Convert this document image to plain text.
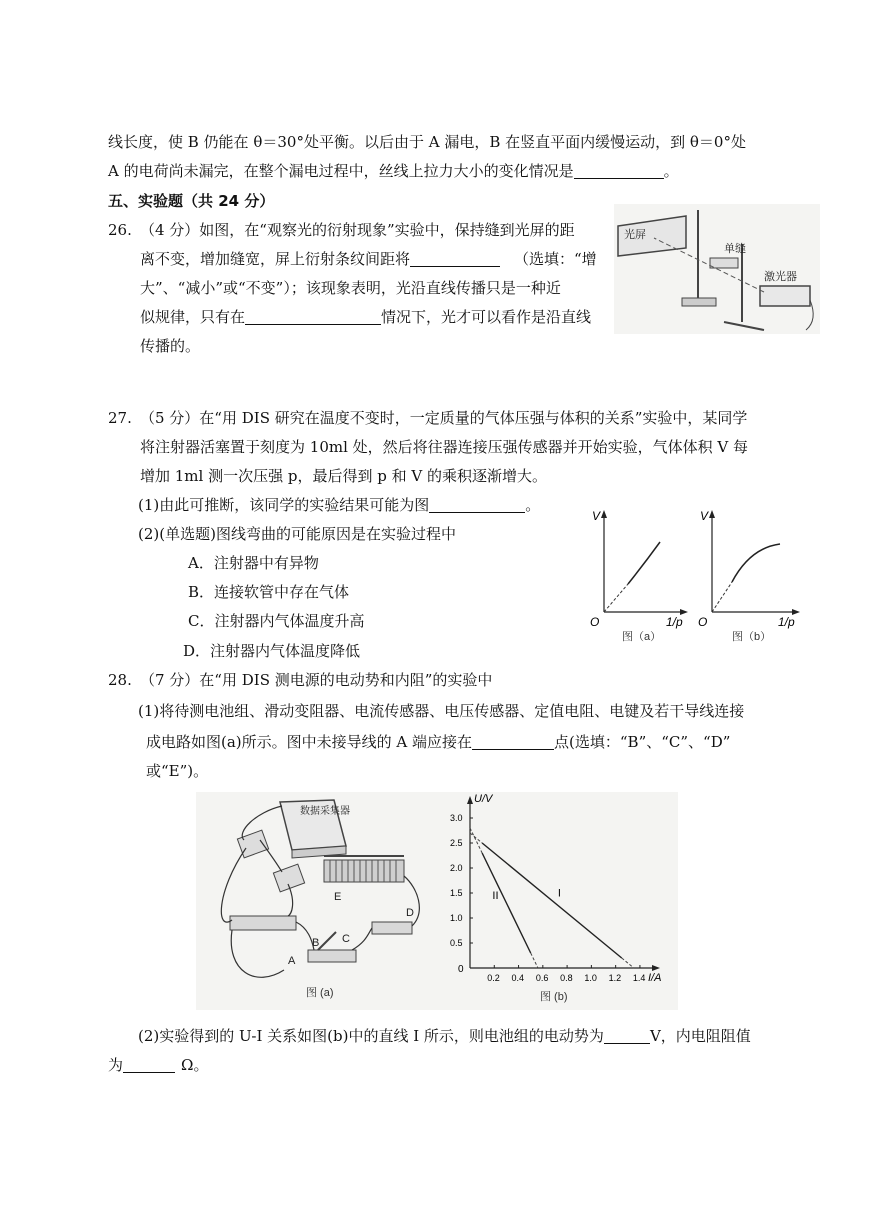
线长度，使 B 仍能在 θ＝30°处平衡。以后由于 A 漏电，B 在竖直平面内缓慢运动，到 θ＝0°处
A 的电荷尚未漏完，在整个漏电过程中，丝线上拉力大小的变化情况是	。
五、实验题（共 24 分）
26. （4 分）如图，在“观察光的衍射现象”实验中，保持缝到光屏的距
离不变，增加缝宽，屏上衍射条纹间距将	（选填：“增
大”、“减小”或“不变”）；该现象表明，光沿直线传播只是一种近
似规律，只有在	情况下，光才可以看作是沿直线
传播的。
光屏
单缝
激光器
27. （5 分）在“用 DIS 研究在温度不变时，一定质量的气体压强与体积的关系”实验中，某同学
将注射器活塞置于刻度为 10ml 处，然后将往器连接压强传感器并开始实验，气体体积 V 每
增加 1ml 测一次压强 p，最后得到 p 和 V 的乘积逐渐增大。
(1)由此可推断，该同学的实验结果可能为图	。
(2)(单选题)图线弯曲的可能原因是在实验过程中
A．注射器中有异物
B．连接软管中存在气体
C．注射器内气体温度升高
D．注射器内气体温度降低
V
O	1/p
图（a）
V
O	1/p
图（b）
28. （7 分）在“用 DIS 测电源的电动势和内阻”的实验中
(1)将待测电池组、滑动变阻器、电流传感器、电压传感器、定值电阻、电键及若干导线连接
成电路如图(a)所示。图中未接导线的 A 端应接在	点(选填：“B”、“C”、“D”
或“E”)。
数据采集器
E
D
B C
A
图 (a)
0.2 0.4 0.6 0.8 1.0 1.2 1.4
0.5
1.0
1.5
2.0
2.5
3.0
I
II
U/V
I/A
0
图 (b)
(2)实验得到的 U-I 关系如图(b)中的直线 I 所示，则电池组的电动势为	V，内电阻阻值
为	Ω。
